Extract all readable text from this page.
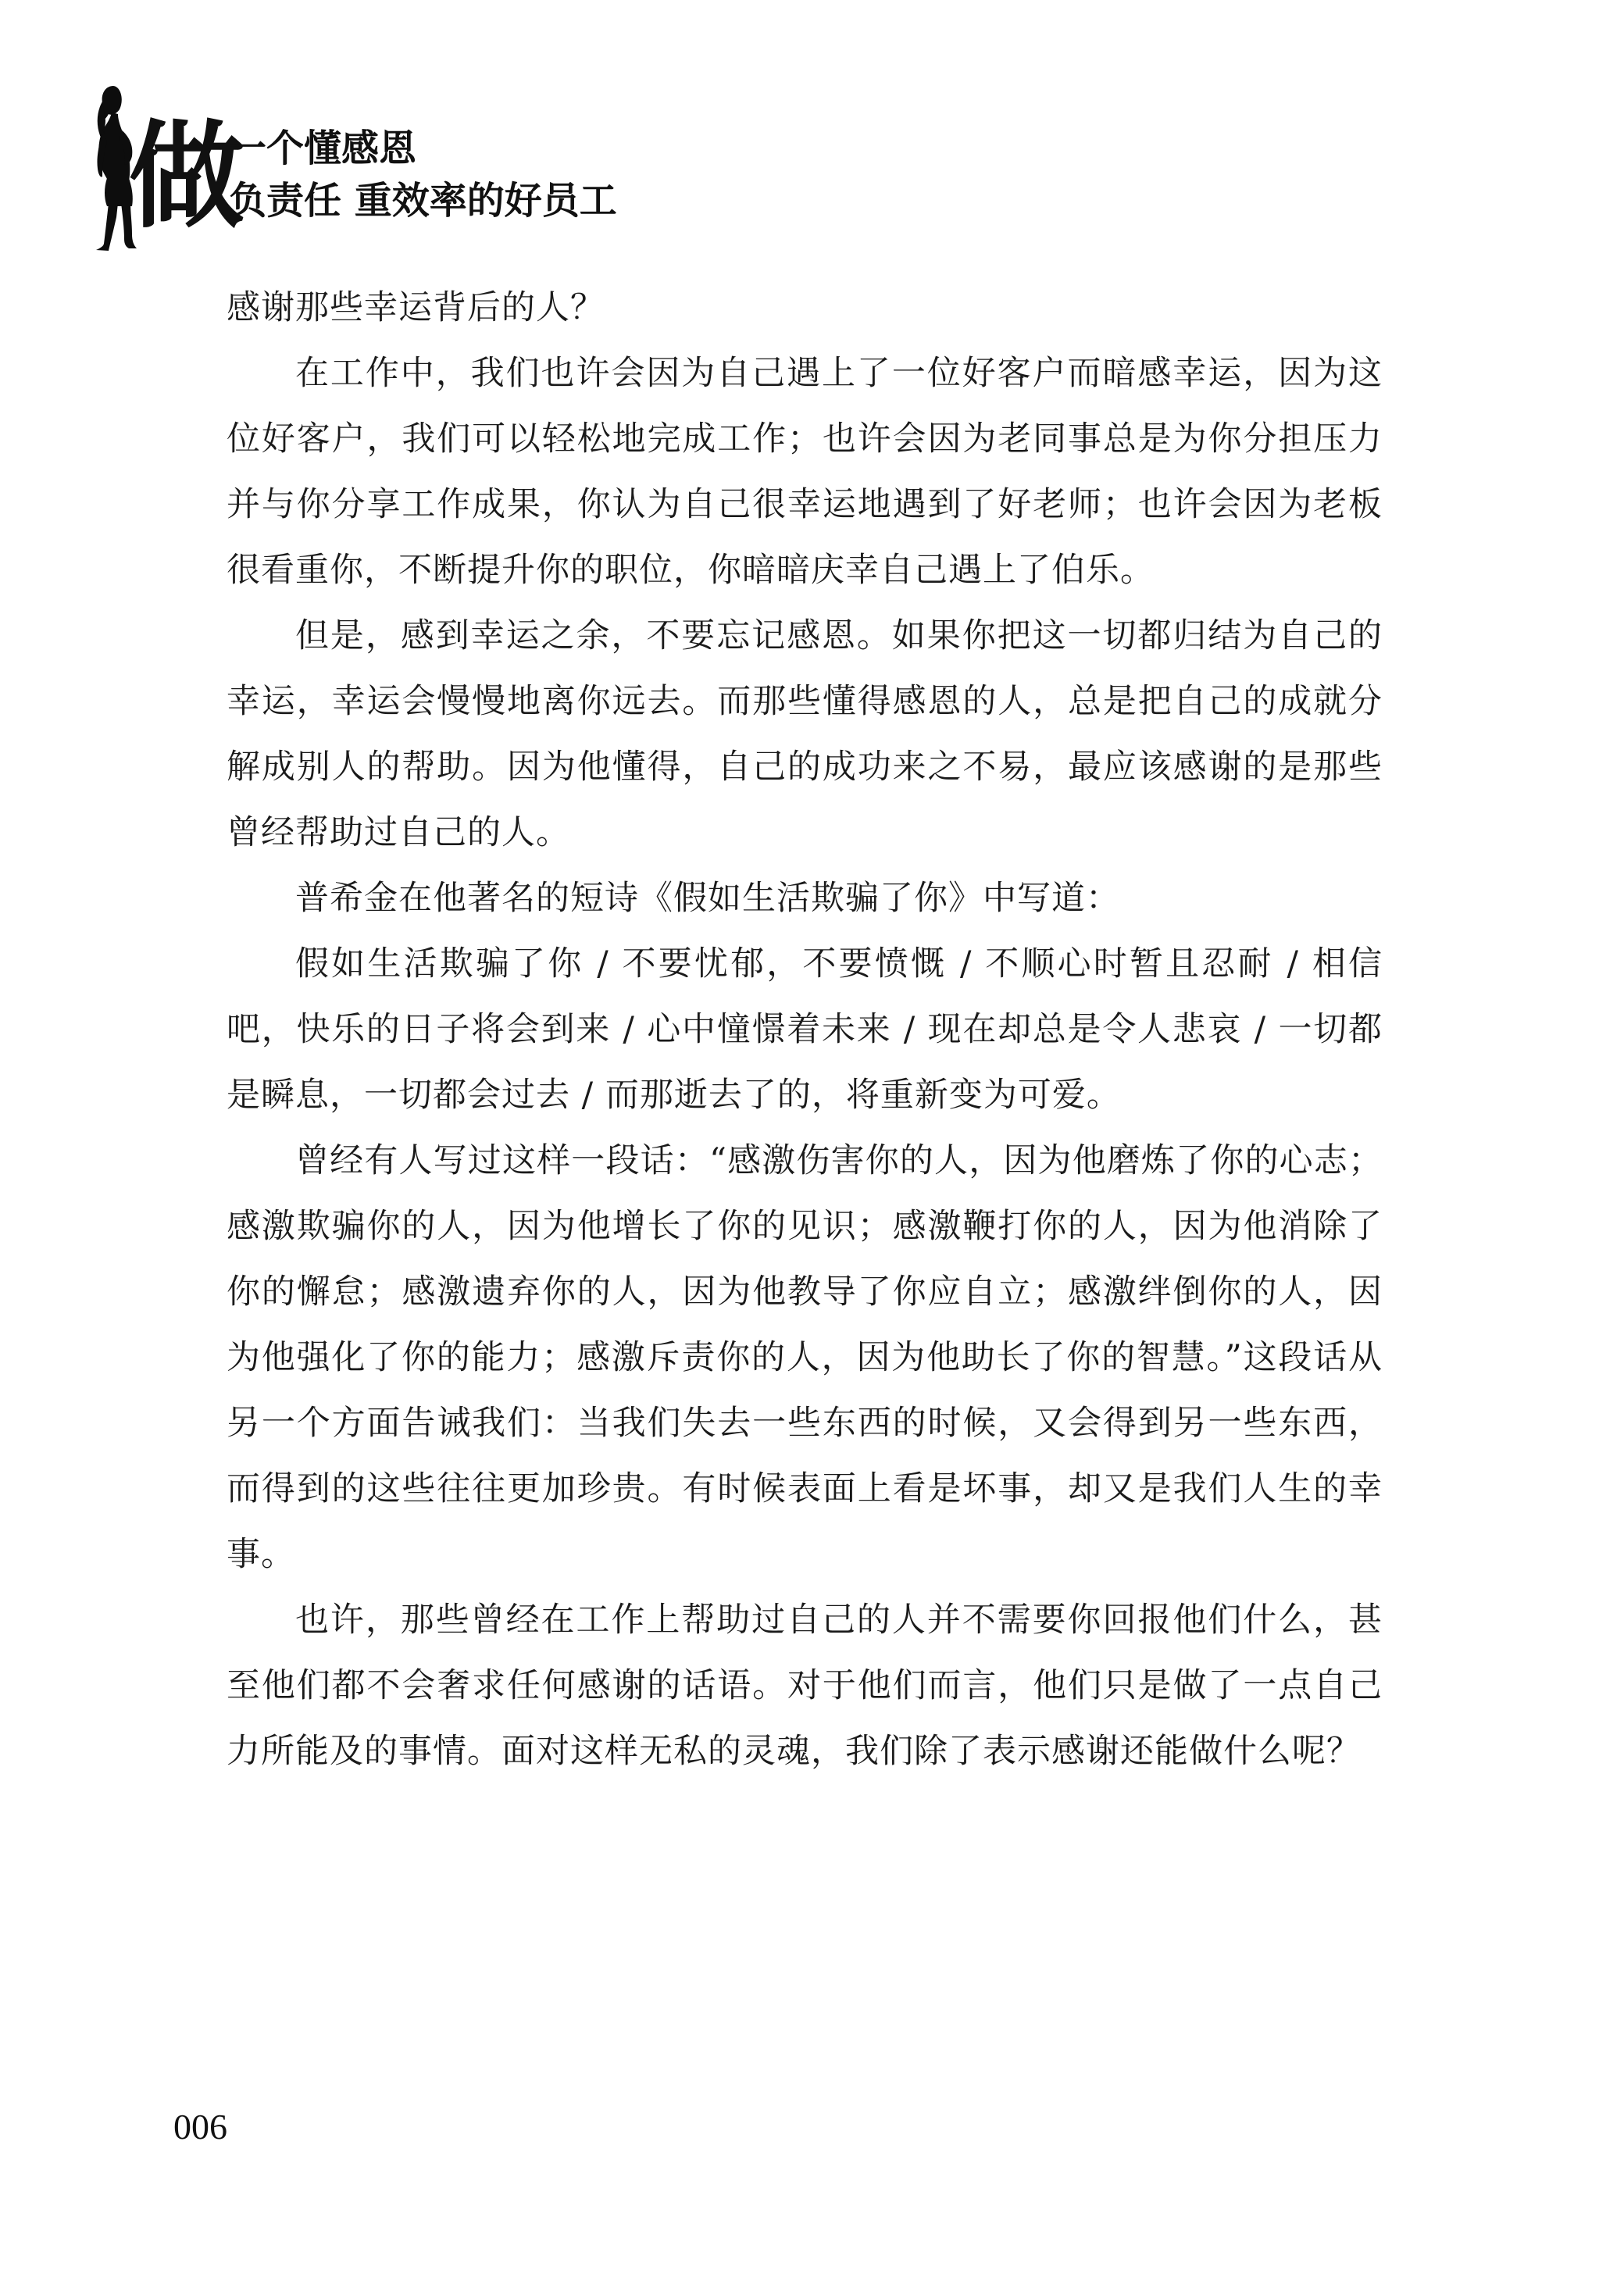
做
一个懂感恩
负责任 重效率的好员工

感谢那些幸运背后的人？

在工作中，我们也许会因为自己遇上了一位好客户而暗感幸运，因为这位好客户，我们可以轻松地完成工作；也许会因为老同事总是为你分担压力并与你分享工作成果，你认为自己很幸运地遇到了好老师；也许会因为老板很看重你，不断提升你的职位，你暗暗庆幸自己遇上了伯乐。

但是，感到幸运之余，不要忘记感恩。如果你把这一切都归结为自己的幸运，幸运会慢慢地离你远去。而那些懂得感恩的人，总是把自己的成就分解成别人的帮助。因为他懂得，自己的成功来之不易，最应该感谢的是那些曾经帮助过自己的人。

普希金在他著名的短诗《假如生活欺骗了你》中写道：

假如生活欺骗了你 / 不要忧郁，不要愤慨 / 不顺心时暂且忍耐 / 相信吧，快乐的日子将会到来 / 心中憧憬着未来 / 现在却总是令人悲哀 / 一切都是瞬息，一切都会过去 / 而那逝去了的，将重新变为可爱。

曾经有人写过这样一段话：“感激伤害你的人，因为他磨炼了你的心志；感激欺骗你的人，因为他增长了你的见识；感激鞭打你的人，因为他消除了你的懈怠；感激遗弃你的人，因为他教导了你应自立；感激绊倒你的人，因为他强化了你的能力；感激斥责你的人，因为他助长了你的智慧。”这段话从另一个方面告诫我们：当我们失去一些东西的时候，又会得到另一些东西，而得到的这些往往更加珍贵。有时候表面上看是坏事，却又是我们人生的幸事。

也许，那些曾经在工作上帮助过自己的人并不需要你回报他们什么，甚至他们都不会奢求任何感谢的话语。对于他们而言，他们只是做了一点自己力所能及的事情。面对这样无私的灵魂，我们除了表示感谢还能做什么呢？

006
